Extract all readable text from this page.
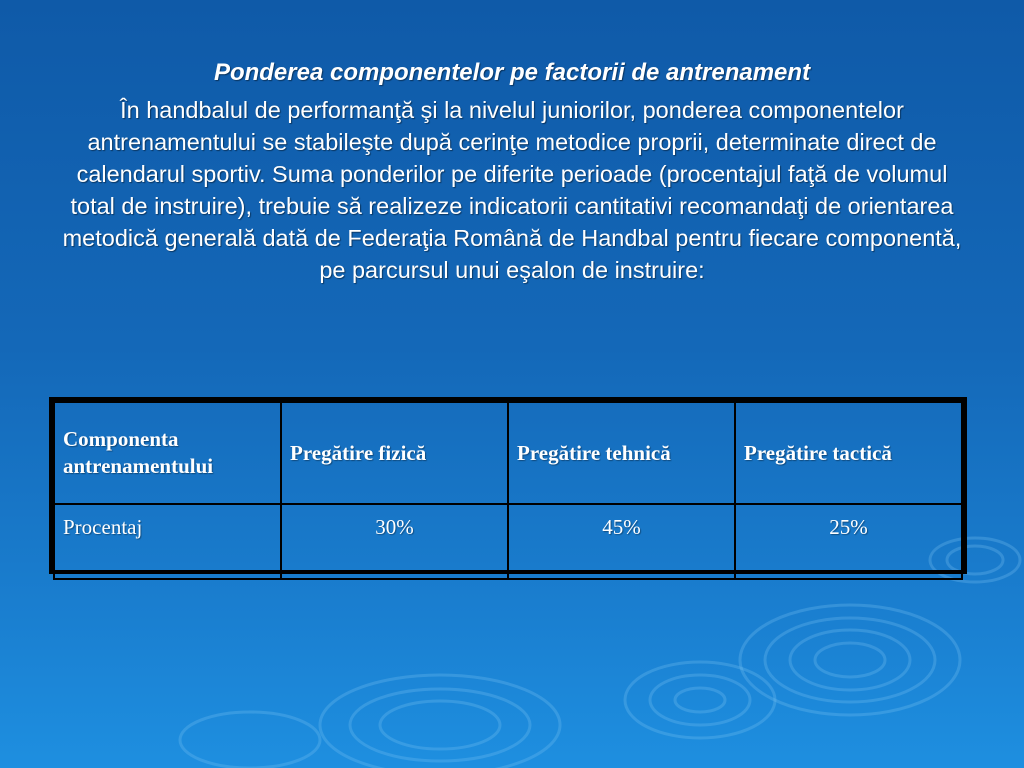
Ponderea componentelor pe factorii de antrenament
În handbalul de performanţă şi la nivelul juniorilor, ponderea componentelor antrenamentului se stabileşte după cerinţe metodice proprii, determinate direct de calendarul sportiv. Suma ponderilor pe diferite perioade (procentajul faţă de volumul total de instruire), trebuie să realizeze indicatorii cantitativi recomandaţi de orientarea metodică generală dată de Federaţia Română de Handbal pentru fiecare componentă, pe parcursul unui eşalon de instruire:
Componenta antrenamentului	Pregătire fizică	Pregătire tehnică	Pregătire tactică
Procentaj	30%	45%	25%
